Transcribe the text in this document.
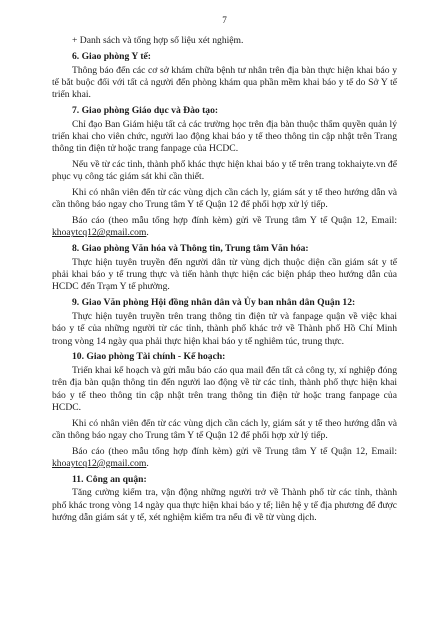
7
+ Danh sách và tổng hợp số liệu xét nghiệm.
6. Giao phòng Y tế:
Thông báo đến các cơ sở khám chữa bệnh tư nhân trên địa bàn thực hiện khai báo y tế bắt buộc đối với tất cả người đến phòng khám qua phần mềm khai báo y tế do Sở Y tế triển khai.
7. Giao phòng Giáo dục và Đào tạo:
Chỉ đạo Ban Giám hiệu tất cả các trường học trên địa bàn thuộc thẩm quyền quản lý triển khai cho viên chức, người lao động khai báo y tế theo thông tin cập nhật trên Trang thông tin điện tử hoặc trang fanpage của HCDC.
Nếu về từ các tỉnh, thành phố khác thực hiện khai báo y tế trên trang tokhaiyte.vn để phục vụ công tác giám sát khi cần thiết.
Khi có nhân viên đến từ các vùng dịch cần cách ly, giám sát y tế theo hướng dẫn và cần thông báo ngay cho Trung tâm Y tế Quận 12 để phối hợp xử lý tiếp.
Báo cáo (theo mẫu tổng hợp đính kèm) gửi về Trung tâm Y tế Quận 12, Email: khoaytcq12@gmail.com.
8. Giao phòng Văn hóa và Thông tin, Trung tâm Văn hóa:
Thực hiện tuyên truyền đến người dân từ vùng dịch thuộc diện cần giám sát y tế phải khai báo y tế trung thực và tiến hành thực hiện các biện pháp theo hướng dẫn của HCDC đến Trạm Y tế phường.
9. Giao Văn phòng Hội đồng nhân dân và Ủy ban nhân dân Quận 12:
Thực hiện tuyên truyền trên trang thông tin điện tử và fanpage quận về việc khai báo y tế của những người từ các tỉnh, thành phố khác trở về Thành phố Hồ Chí Minh trong vòng 14 ngày qua phải thực hiện khai báo y tế nghiêm túc, trung thực.
10. Giao phòng Tài chính - Kế hoạch:
Triển khai kế hoạch và gửi mẫu báo cáo qua mail đến tất cả công ty, xí nghiệp đóng trên địa bàn quận thông tin đến người lao động về từ các tỉnh, thành phố thực hiện khai báo y tế theo thông tin cập nhật trên trang thông tin điện tử hoặc trang fanpage của HCDC.
Khi có nhân viên đến từ các vùng dịch cần cách ly, giám sát y tế theo hướng dẫn và cần thông báo ngay cho Trung tâm Y tế Quận 12 để phối hợp xử lý tiếp.
Báo cáo (theo mẫu tổng hợp đính kèm) gửi về Trung tâm Y tế Quận 12, Email: khoaytcq12@gmail.com.
11. Công an quận:
Tăng cường kiểm tra, vận động những người trở về Thành phố từ các tỉnh, thành phố khác trong vòng 14 ngày qua thực hiện khai báo y tế; liên hệ y tế địa phương để được hướng dẫn giám sát y tế, xét nghiệm kiểm tra nếu đi về từ vùng dịch.
